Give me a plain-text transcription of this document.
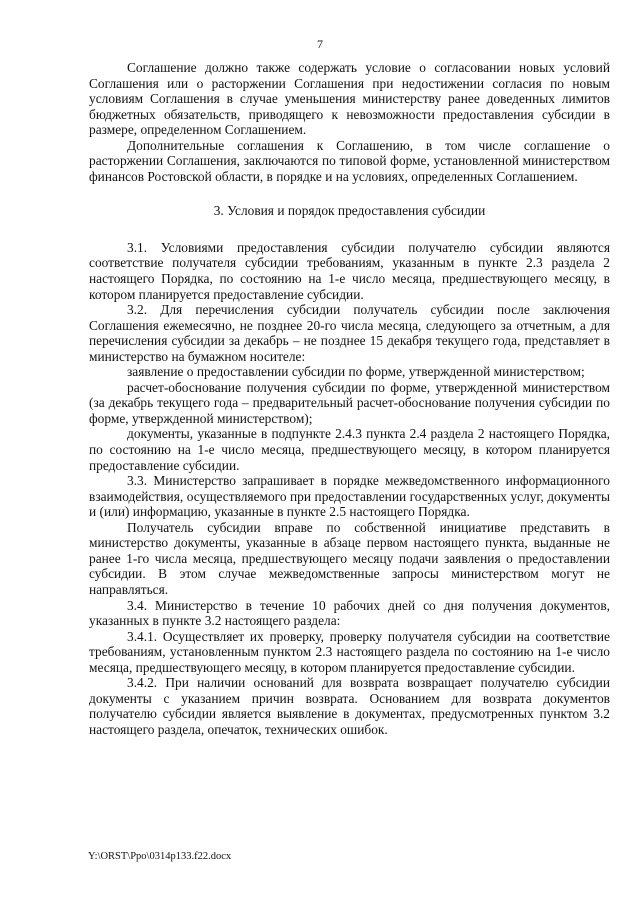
7

Соглашение должно также содержать условие о согласовании новых условий Соглашения или о расторжении Соглашения при недостижении согласия по новым условиям Соглашения в случае уменьшения министерству ранее доведенных лимитов бюджетных обязательств, приводящего к невозможности предоставления субсидии в размере, определенном Соглашением.

Дополнительные соглашения к Соглашению, в том числе соглашение о расторжении Соглашения, заключаются по типовой форме, установленной министерством финансов Ростовской области, в порядке и на условиях, определенных Соглашением.

3. Условия и порядок предоставления субсидии

3.1. Условиями предоставления субсидии получателю субсидии являются соответствие получателя субсидии требованиям, указанным в пункте 2.3 раздела 2 настоящего Порядка, по состоянию на 1-е число месяца, предшествующего месяцу, в котором планируется предоставление субсидии.

3.2. Для перечисления субсидии получатель субсидии после заключения Соглашения ежемесячно, не позднее 20-го числа месяца, следующего за отчетным, а для перечисления субсидии за декабрь – не позднее 15 декабря текущего года, представляет в министерство на бумажном носителе:

заявление о предоставлении субсидии по форме, утвержденной министерством;

расчет-обоснование получения субсидии по форме, утвержденной министерством (за декабрь текущего года – предварительный расчет-обоснование получения субсидии по форме, утвержденной министерством);

документы, указанные в подпункте 2.4.3 пункта 2.4 раздела 2 настоящего Порядка, по состоянию на 1-е число месяца, предшествующего месяцу, в котором планируется предоставление субсидии.

3.3. Министерство запрашивает в порядке межведомственного информационного взаимодействия, осуществляемого при предоставлении государственных услуг, документы и (или) информацию, указанные в пункте 2.5 настоящего Порядка.

Получатель субсидии вправе по собственной инициативе представить в министерство документы, указанные в абзаце первом настоящего пункта, выданные не ранее 1-го числа месяца, предшествующего месяцу подачи заявления о предоставлении субсидии. В этом случае межведомственные запросы министерством могут не направляться.

3.4. Министерство в течение 10 рабочих дней со дня получения документов, указанных в пункте 3.2 настоящего раздела:

3.4.1. Осуществляет их проверку, проверку получателя субсидии на соответствие требованиям, установленным пунктом 2.3 настоящего раздела по состоянию на 1-е число месяца, предшествующего месяцу, в котором планируется предоставление субсидии.

3.4.2. При наличии оснований для возврата возвращает получателю субсидии документы с указанием причин возврата. Основанием для возврата документов получателю субсидии является выявление в документах, предусмотренных пунктом 3.2 настоящего раздела, опечаток, технических ошибок.

Y:\ORST\Ppo\0314p133.f22.docx
